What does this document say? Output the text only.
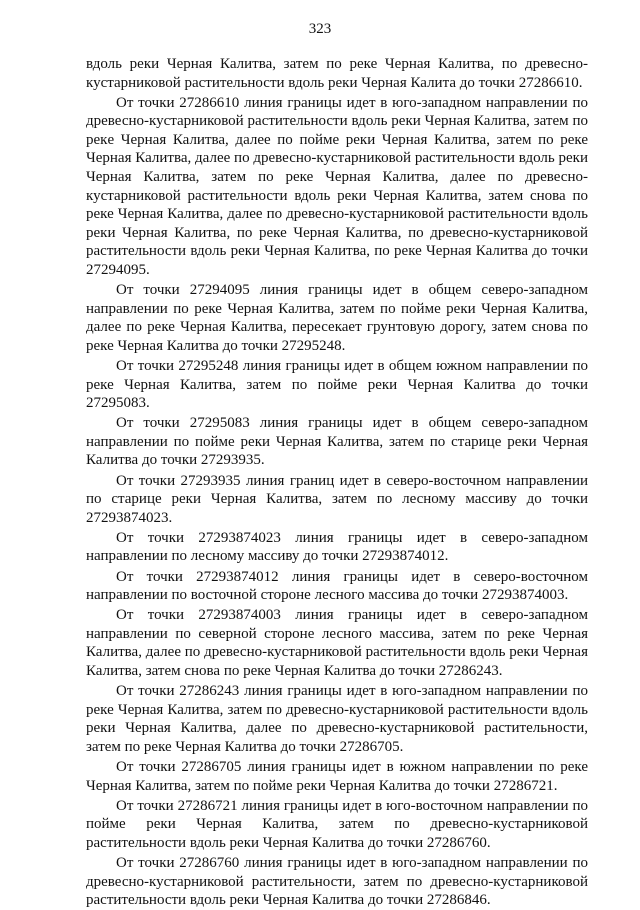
323

вдоль реки Черная Калитва, затем по реке Черная Калитва, по древесно-кустарниковой растительности вдоль реки Черная Калита до точки 27286610.

От точки 27286610 линия границы идет в юго-западном направлении по древесно-кустарниковой растительности вдоль реки Черная Калитва, затем по рекe Черная Калитва, далее по пойме реки Черная Калитва, затем по реке Черная Калитва, далее по древесно-кустарниковой растительности вдоль реки Черная Калитва, затем по реке Черная Калитва, далее по древесно-кустарниковой растительности вдоль реки Черная Калитва, затем снова по реке Черная Калитва, далее по древесно-кустарниковой растительности вдоль реки Черная Калитва, по реке Черная Калитва, по древесно-кустарниковой растительности вдоль реки Черная Калитва, по реке Черная Калитва до точки 27294095.

От точки 27294095 линия границы идет в общем северо-западном направлении по реке Черная Калитва, затем по пойме реки Черная Калитва, далее по реке Черная Калитва, пересекает грунтовую дорогу, затем снова по реке Черная Калитва до точки 27295248.

От точки 27295248 линия границы идет в общем южном направлении по реке Черная Калитва, затем по пойме реки Черная Калитва до точки 27295083.

От точки 27295083 линия границы идет в общем северо-западном направлении по пойме реки Черная Калитва, затем по старице реки Черная Калитва до точки 27293935.

От точки 27293935 линия границ идет в северо-восточном направлении по старице реки Черная Калитва, затем по лесному массиву до точки 27293874023.

От точки 27293874023 линия границы идет в северо-западном направлении по лесному массиву до точки 27293874012.

От точки 27293874012 линия границы идет в северо-восточном направлении по восточной стороне лесного массива до точки 27293874003.

От точки 27293874003 линия границы идет в северо-западном направлении по северной стороне лесного массива, затем по реке Черная Калитва, далее по древесно-кустарниковой растительности вдоль реки Черная Калитва, затем снова по реке Черная Калитва до точки 27286243.

От точки 27286243 линия границы идет в юго-западном направлении по реке Черная Калитва, затем по древесно-кустарниковой растительности вдоль реки Черная Калитва, далее по древесно-кустарниковой растительности, затем по реке Черная Калитва до точки 27286705.

От точки 27286705 линия границы идет в южном направлении по реке Черная Калитва, затем по пойме реки Черная Калитва до точки 27286721.

От точки 27286721 линия границы идет в юго-восточном направлении по пойме реки Черная Калитва, затем по древесно-кустарниковой растительности вдоль реки Черная Калитва до точки 27286760.

От точки 27286760 линия границы идет в юго-западном направлении по древесно-кустарниковой растительности, затем по древесно-кустарниковой растительности вдоль реки Черная Калитва до точки 27286846.
